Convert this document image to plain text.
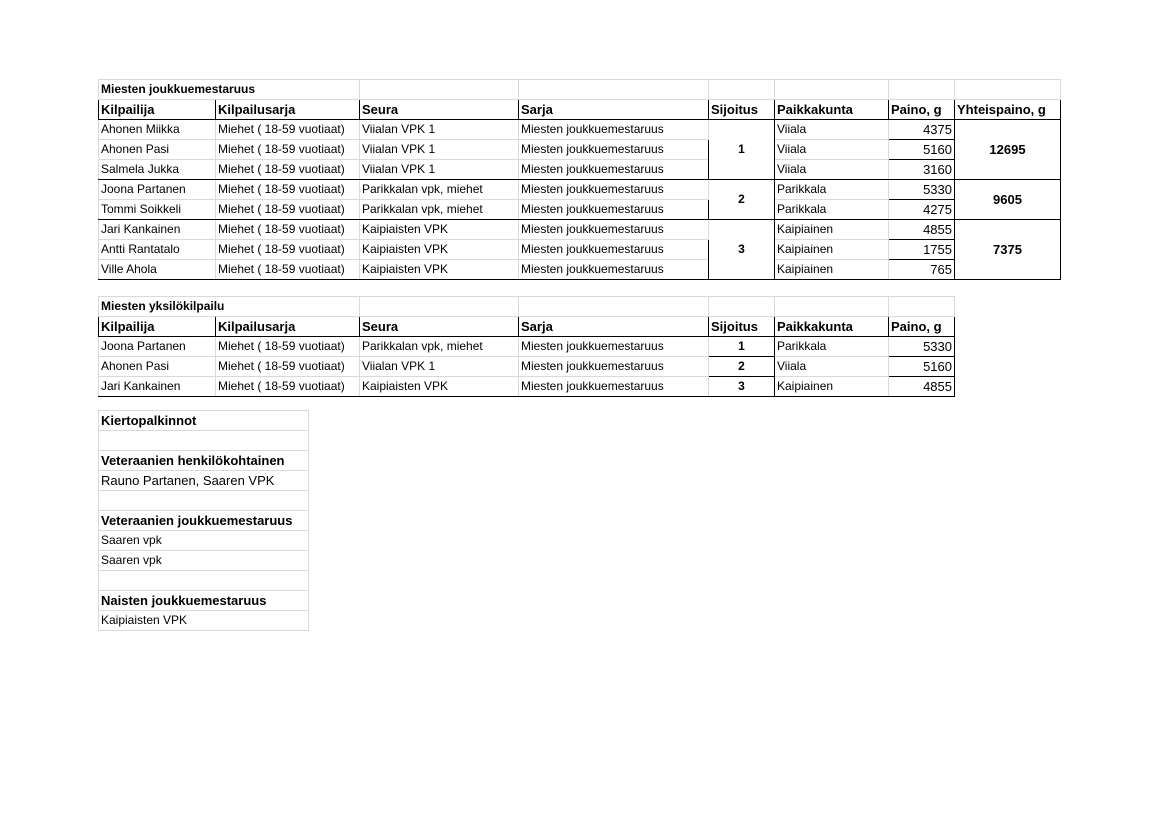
Miesten joukkuemestaruus							
Kilpailija	Kilpailusarja	Seura	Sarja	Sijoitus	Paikkakunta	Paino, g	Yhteispaino, g
Ahonen Miikka	Miehet ( 18-59 vuotiaat)	Viialan VPK 1	Miesten joukkuemestaruus	1	Viiala	4375	12695
Ahonen Pasi	Miehet ( 18-59 vuotiaat)	Viialan VPK 1	Miesten joukkuemestaruus		Viiala	5160	
Salmela Jukka	Miehet ( 18-59 vuotiaat)	Viialan VPK 1	Miesten joukkuemestaruus		Viiala	3160	
Joona Partanen	Miehet ( 18-59 vuotiaat)	Parikkalan vpk, miehet	Miesten joukkuemestaruus	2	Parikkala	5330	9605
Tommi Soikkeli	Miehet ( 18-59 vuotiaat)	Parikkalan vpk, miehet	Miesten joukkuemestaruus		Parikkala	4275	
Jari Kankainen	Miehet ( 18-59 vuotiaat)	Kaipiaisten VPK	Miesten joukkuemestaruus	3	Kaipiainen	4855	7375
Antti Rantatalo	Miehet ( 18-59 vuotiaat)	Kaipiaisten VPK	Miesten joukkuemestaruus		Kaipiainen	1755	
Ville Ahola	Miehet ( 18-59 vuotiaat)	Kaipiaisten VPK	Miesten joukkuemestaruus		Kaipiainen	765	
Miesten yksilökilpailu						
Kilpailija	Kilpailusarja	Seura	Sarja	Sijoitus	Paikkakunta	Paino, g
Joona Partanen	Miehet ( 18-59 vuotiaat)	Parikkalan vpk, miehet	Miesten joukkuemestaruus	1	Parikkala	5330
Ahonen Pasi	Miehet ( 18-59 vuotiaat)	Viialan VPK 1	Miesten joukkuemestaruus	2	Viiala	5160
Jari Kankainen	Miehet ( 18-59 vuotiaat)	Kaipiaisten VPK	Miesten joukkuemestaruus	3	Kaipiainen	4855
Kiertopalkinnot

Veteraanien henkilökohtainen
Rauno Partanen, Saaren VPK

Veteraanien joukkuemestaruus
Saaren vpk
Saaren vpk

Naisten joukkuemestaruus
Kaipiaisten VPK
